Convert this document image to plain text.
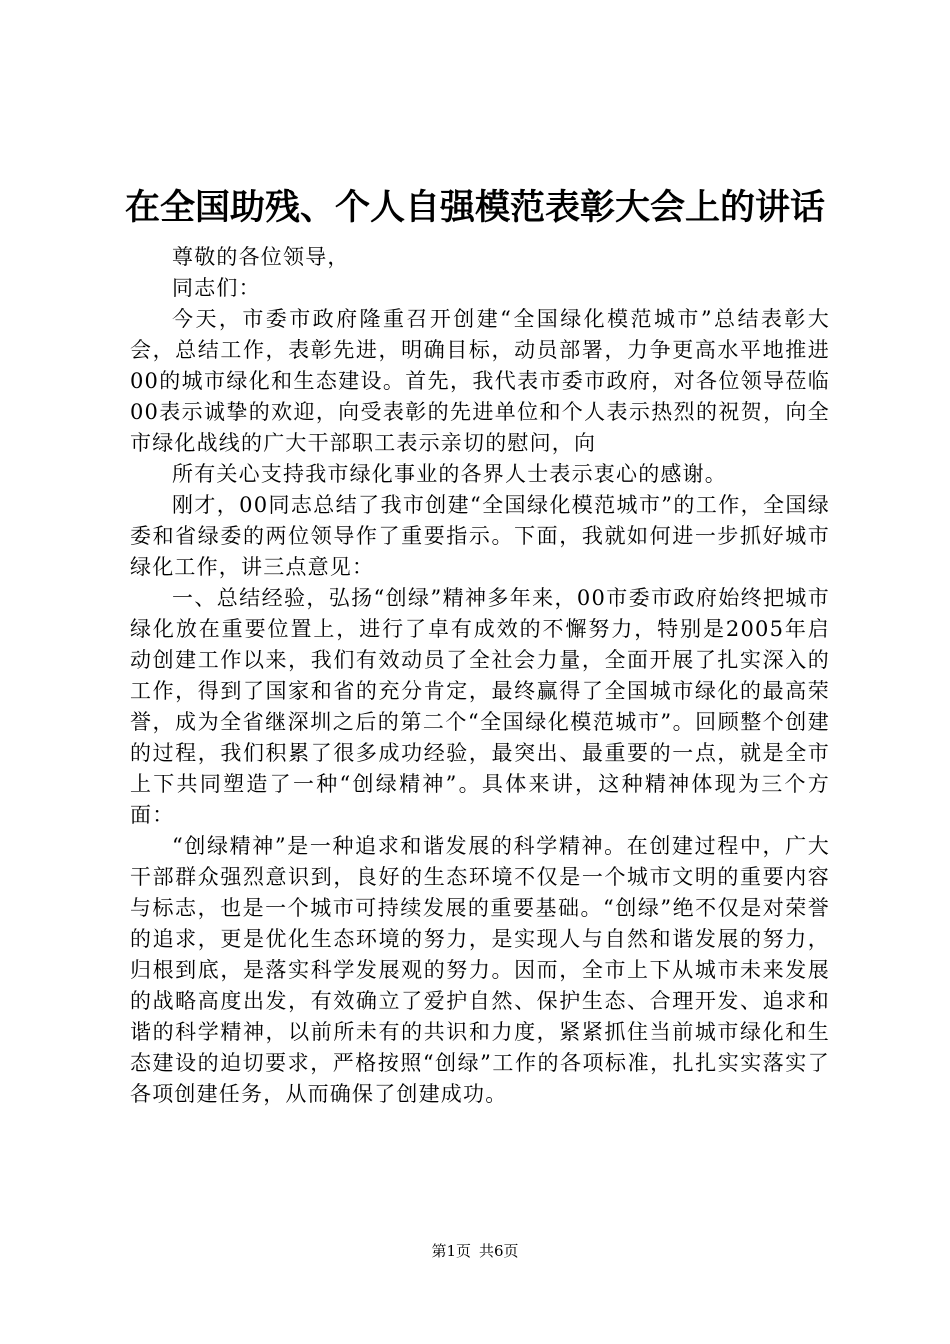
在全国助残、个人自强模范表彰大会上的讲话

尊敬的各位领导，

同志们：

今天，市委市政府隆重召开创建“全国绿化模范城市”总结表彰大会，总结工作，表彰先进，明确目标，动员部署，力争更高水平地推进00的城市绿化和生态建设。首先，我代表市委市政府，对各位领导莅临00表示诚挚的欢迎，向受表彰的先进单位和个人表示热烈的祝贺，向全市绿化战线的广大干部职工表示亲切的慰问，向

所有关心支持我市绿化事业的各界人士表示衷心的感谢。

刚才，00同志总结了我市创建“全国绿化模范城市”的工作，全国绿委和省绿委的两位领导作了重要指示。下面，我就如何进一步抓好城市绿化工作，讲三点意见：

一、总结经验，弘扬“创绿”精神多年来，00市委市政府始终把城市绿化放在重要位置上，进行了卓有成效的不懈努力，特别是2005年启动创建工作以来，我们有效动员了全社会力量，全面开展了扎实深入的工作，得到了国家和省的充分肯定，最终赢得了全国城市绿化的最高荣誉，成为全省继深圳之后的第二个“全国绿化模范城市”。回顾整个创建的过程，我们积累了很多成功经验，最突出、最重要的一点，就是全市上下共同塑造了一种“创绿精神”。具体来讲，这种精神体现为三个方面：

“创绿精神”是一种追求和谐发展的科学精神。在创建过程中，广大干部群众强烈意识到，良好的生态环境不仅是一个城市文明的重要内容与标志，也是一个城市可持续发展的重要基础。“创绿”绝不仅是对荣誉的追求，更是优化生态环境的努力，是实现人与自然和谐发展的努力，归根到底，是落实科学发展观的努力。因而，全市上下从城市未来发展的战略高度出发，有效确立了爱护自然、保护生态、合理开发、追求和谐的科学精神，以前所未有的共识和力度，紧紧抓住当前城市绿化和生态建设的迫切要求，严格按照“创绿”工作的各项标准，扎扎实实落实了各项创建任务，从而确保了创建成功。

第1页 共6页
